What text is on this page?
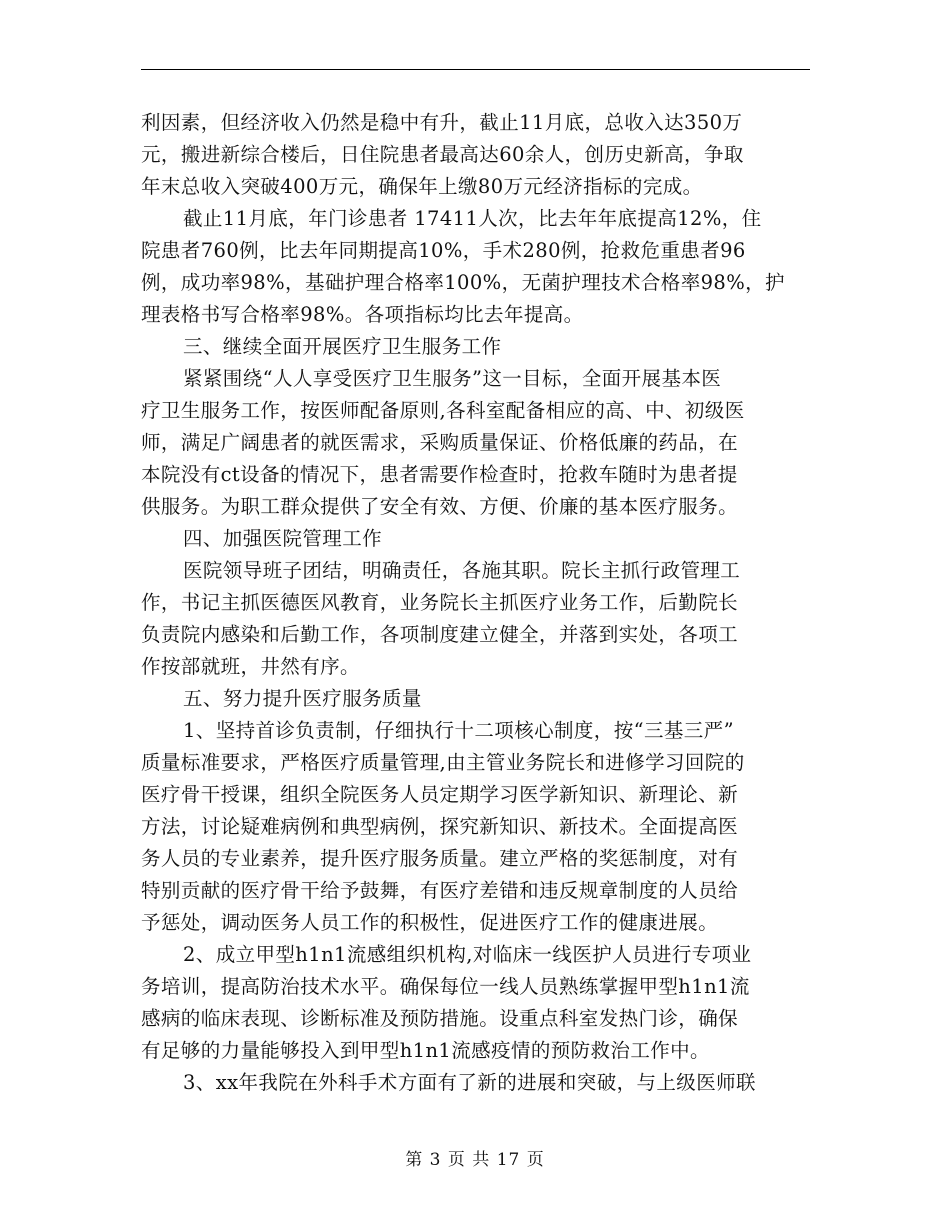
利因素，但经济收入仍然是稳中有升，截止11月底，总收入达350万
元，搬进新综合楼后，日住院患者最高达60余人，创历史新高，争取
年末总收入突破400万元，确保年上缴80万元经济指标的完成。
截止11月底，年门诊患者 17411人次，比去年年底提高12%，住
院患者760例，比去年同期提高10%，手术280例，抢救危重患者96
例，成功率98%，基础护理合格率100%，无菌护理技术合格率98%，护
理表格书写合格率98%。各项指标均比去年提高。
三、继续全面开展医疗卫生服务工作
紧紧围绕“人人享受医疗卫生服务”这一目标，全面开展基本医
疗卫生服务工作，按医师配备原则,各科室配备相应的高、中、初级医
师，满足广阔患者的就医需求，采购质量保证、价格低廉的药品，在
本院没有ct设备的情况下，患者需要作检查时，抢救车随时为患者提
供服务。为职工群众提供了安全有效、方便、价廉的基本医疗服务。
四、加强医院管理工作
医院领导班子团结，明确责任，各施其职。院长主抓行政管理工
作，书记主抓医德医风教育，业务院长主抓医疗业务工作，后勤院长
负责院内感染和后勤工作，各项制度建立健全，并落到实处，各项工
作按部就班，井然有序。
五、努力提升医疗服务质量
1、坚持首诊负责制，仔细执行十二项核心制度，按“三基三严”
质量标准要求，严格医疗质量管理,由主管业务院长和进修学习回院的
医疗骨干授课，组织全院医务人员定期学习医学新知识、新理论、新
方法，讨论疑难病例和典型病例，探究新知识、新技术。全面提高医
务人员的专业素养，提升医疗服务质量。建立严格的奖惩制度，对有
特别贡献的医疗骨干给予鼓舞，有医疗差错和违反规章制度的人员给
予惩处，调动医务人员工作的积极性，促进医疗工作的健康进展。
2、成立甲型h1n1流感组织机构,对临床一线医护人员进行专项业
务培训，提高防治技术水平。确保每位一线人员熟练掌握甲型h1n1流
感病的临床表现、诊断标准及预防措施。设重点科室发热门诊，确保
有足够的力量能够投入到甲型h1n1流感疫情的预防救治工作中。
3、xx年我院在外科手术方面有了新的进展和突破，与上级医师联
第 3 页 共 17 页
